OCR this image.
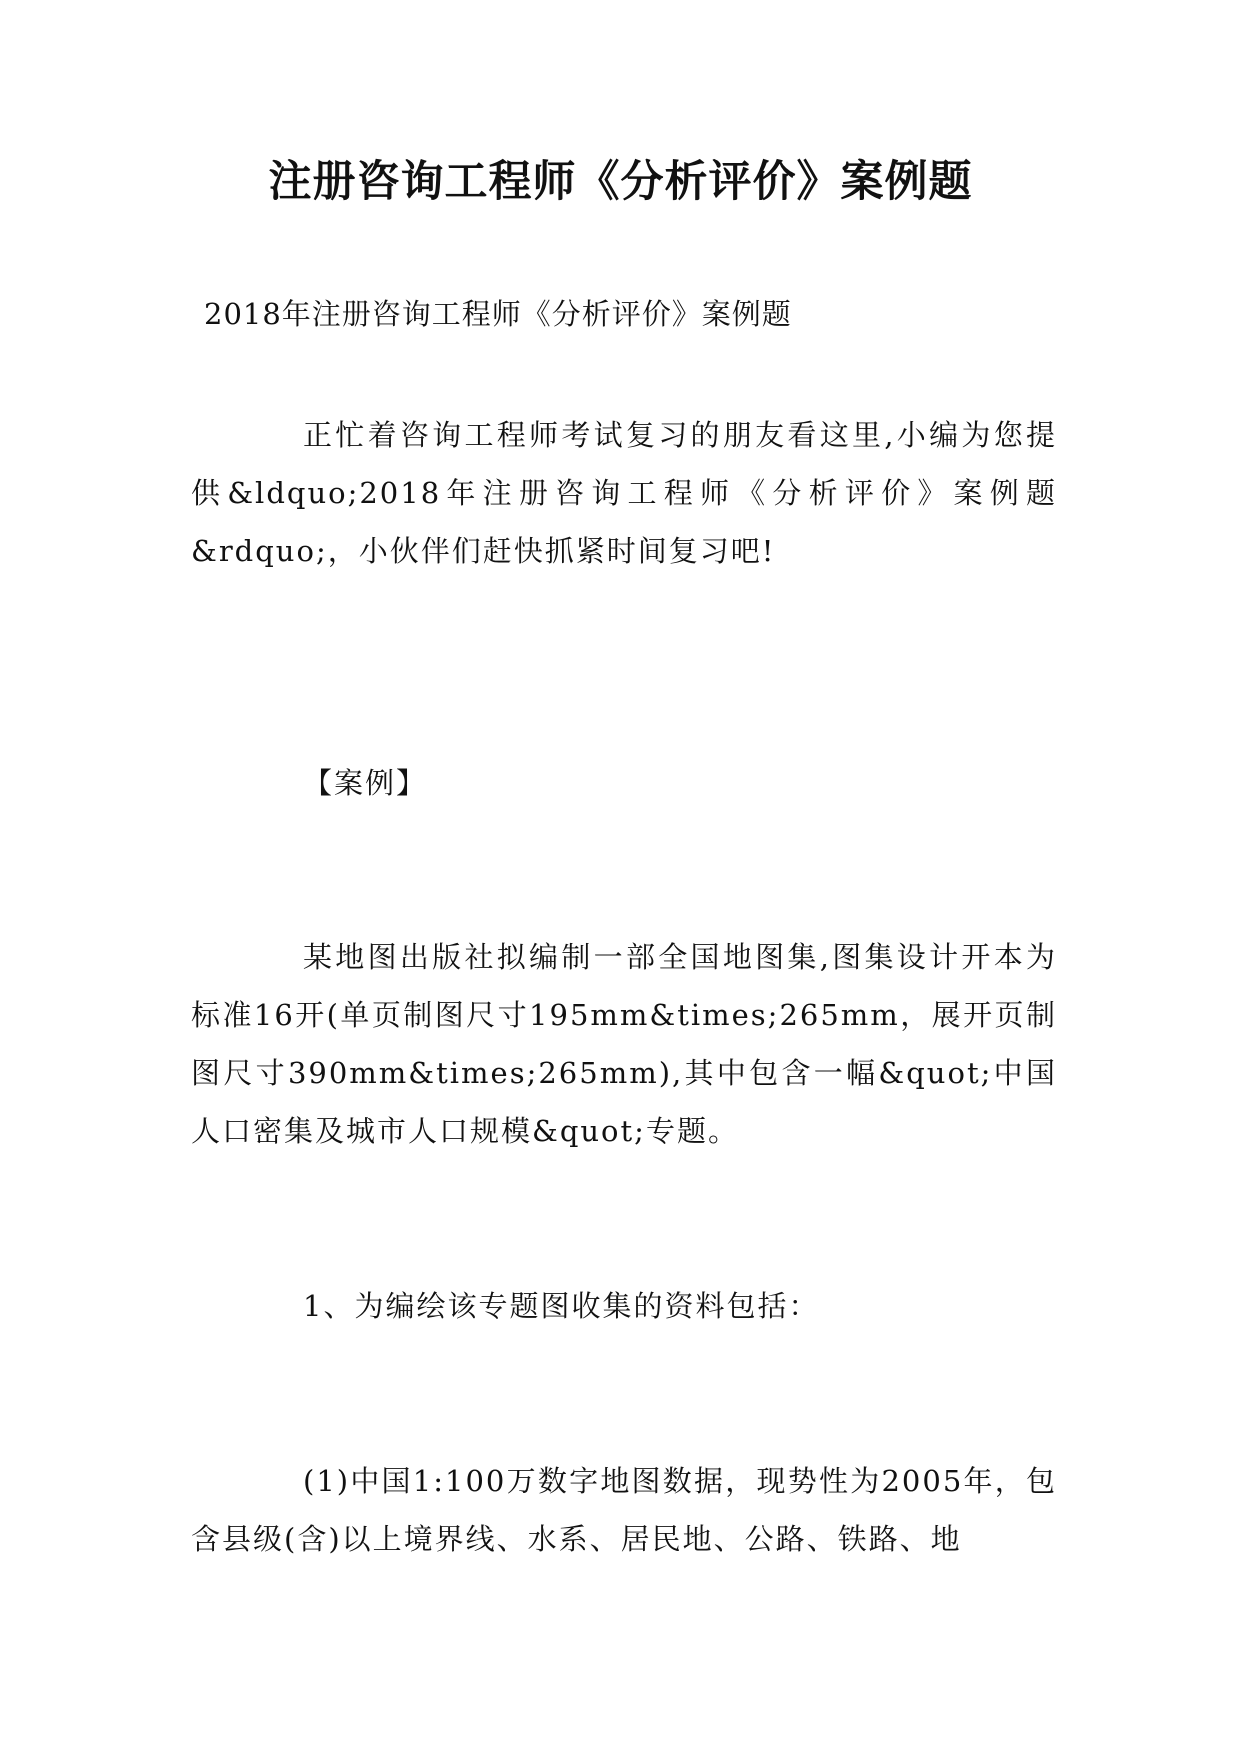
注册咨询工程师《分析评价》案例题

2018年注册咨询工程师《分析评价》案例题

正忙着咨询工程师考试复习的朋友看这里,小编为您提供&ldquo;2018年注册咨询工程师《分析评价》案例题&rdquo;，小伙伴们赶快抓紧时间复习吧!

【案例】

某地图出版社拟编制一部全国地图集,图集设计开本为标准16开(单页制图尺寸195mm&times;265mm，展开页制图尺寸390mm&times;265mm),其中包含一幅&quot;中国人口密集及城市人口规模&quot;专题。

1、为编绘该专题图收集的资料包括：

(1)中国1:100万数字地图数据，现势性为2005年，包含县级(含)以上境界线、水系、居民地、公路、铁路、地
